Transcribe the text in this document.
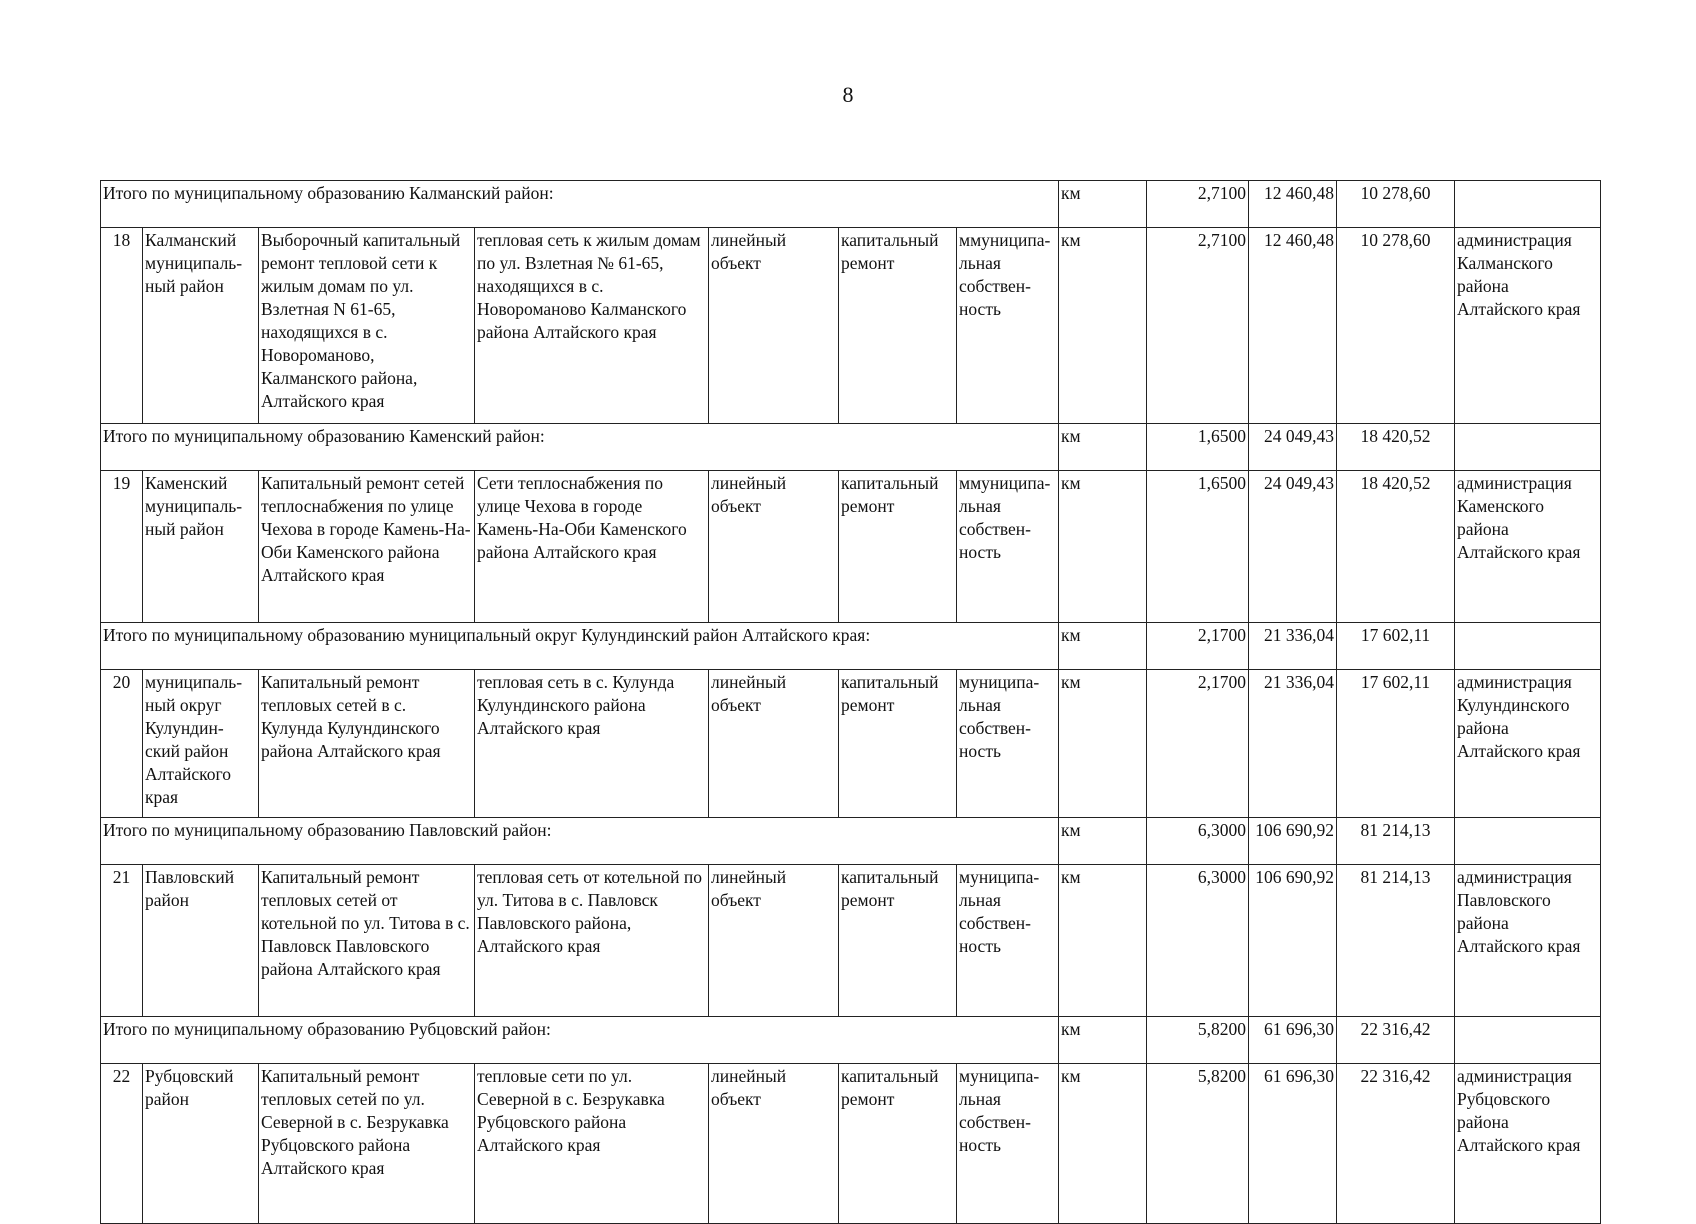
8
Итого по муниципальному образованию Калманский район:							км	2,7100	12 460,48	10 278,60	
18	Калманский муниципаль-ный район	Выборочный капитальный ремонт тепловой сети к жилым домам по ул. Взлетная N 61-65, находящихся в с. Новороманово, Калманского района, Алтайского края	тепловая сеть к жилым домам по ул. Взлетная № 61-65, находящихся в с. Новороманово Калманского района Алтайского края	линейный объект	капитальный ремонт	ммуниципа-льная собствен-ность	км	2,7100	12 460,48	10 278,60	администрация Калманского района Алтайского края
Итого по муниципальному образованию Каменский район:							км	1,6500	24 049,43	18 420,52	
19	Каменский муниципаль-ный район	Капитальный ремонт сетей теплоснабжения по улице Чехова в городе Камень-На-Оби Каменского района Алтайского края	Сети теплоснабжения по улице Чехова в городе Камень-На-Оби Каменского района Алтайского края	линейный объект	капитальный ремонт	ммуниципа-льная собствен-ность	км	1,6500	24 049,43	18 420,52	администрация Каменского района Алтайского края
Итого по муниципальному образованию муниципальный округ Кулундинский район Алтайского края:							км	2,1700	21 336,04	17 602,11	
20	муниципаль-ный округ Кулундин-ский район Алтайского края	Капитальный ремонт тепловых сетей в с. Кулунда Кулундинского района Алтайского края	тепловая сеть в с. Кулунда Кулундинского района Алтайского края	линейный объект	капитальный ремонт	муниципа-льная собствен-ность	км	2,1700	21 336,04	17 602,11	администрация Кулундинского района Алтайского края
Итого по муниципальному образованию Павловский район:							км	6,3000	106 690,92	81 214,13	
21	Павловский район	Капитальный ремонт тепловых сетей от котельной по ул. Титова в с. Павловск Павловского района Алтайского края	тепловая сеть от котельной по ул. Титова в с. Павловск Павловского района, Алтайского края	линейный объект	капитальный ремонт	муниципа-льная собствен-ность	км	6,3000	106 690,92	81 214,13	администрация Павловского района Алтайского края
Итого по муниципальному образованию Рубцовский район:							км	5,8200	61 696,30	22 316,42	
22	Рубцовский район	Капитальный ремонт тепловых сетей по ул. Северной в с. Безрукавка Рубцовского района Алтайского края	тепловые сети по ул. Северной в с. Безрукавка Рубцовского района Алтайского края	линейный объект	капитальный ремонт	муниципа-льная собствен-ность	км	5,8200	61 696,30	22 316,42	администрация Рубцовского района Алтайского края
